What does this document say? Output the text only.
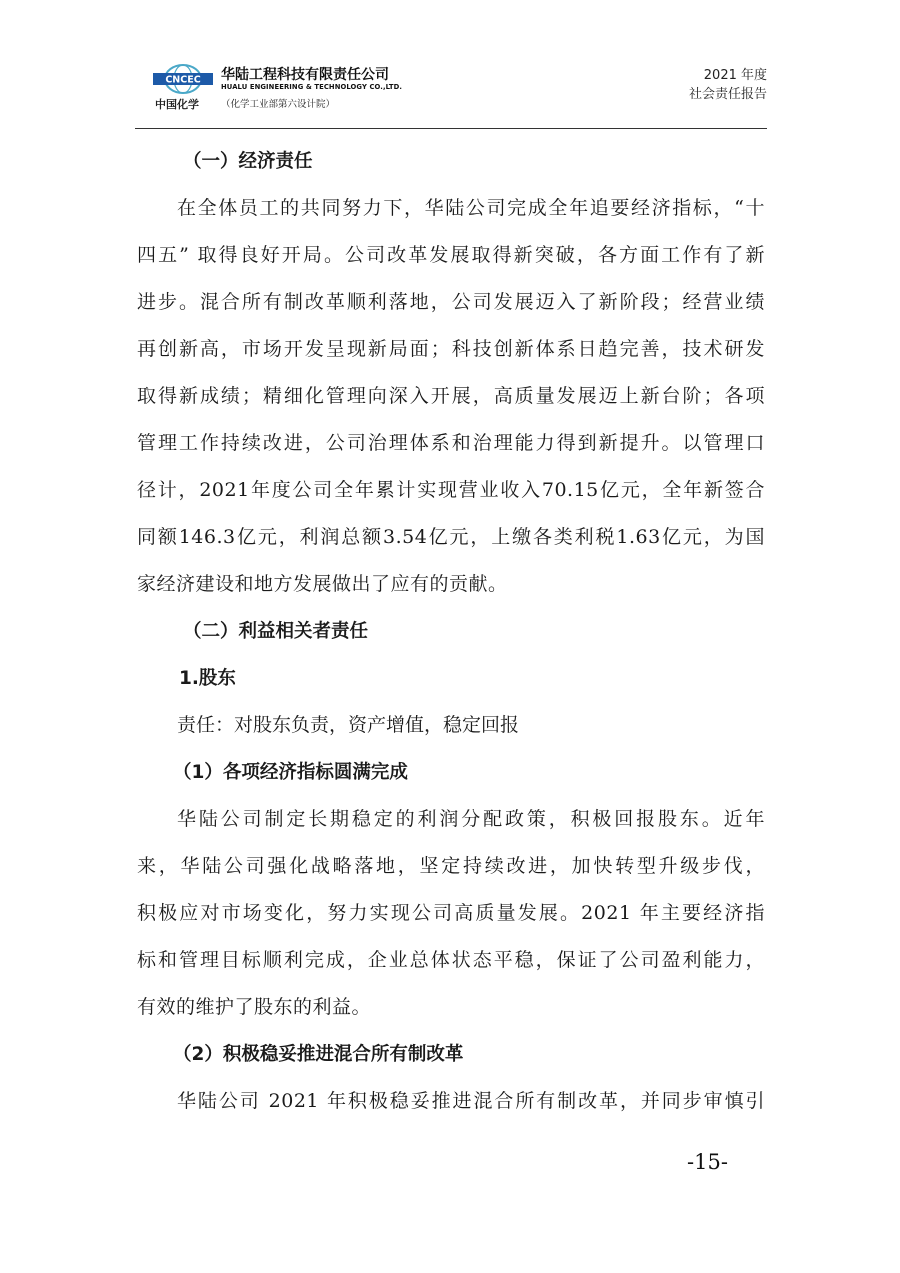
CNCEC
中国化学
华陆工程科技有限责任公司
HUALU ENGINEERING & TECHNOLOGY CO.,LTD.
（化学工业部第六设计院）
2021 年度
社会责任报告
（一）经济责任
在全体员工的共同努力下，华陆公司完成全年追要经济指标，“十
四五” 取得良好开局。公司改革发展取得新突破，各方面工作有了新
进步。混合所有制改革顺利落地，公司发展迈入了新阶段；经营业绩
再创新高，市场开发呈现新局面；科技创新体系日趋完善，技术研发
取得新成绩；精细化管理向深入开展，高质量发展迈上新台阶；各项
管理工作持续改进，公司治理体系和治理能力得到新提升。以管理口
径计，2021年度公司全年累计实现营业收入70.15亿元，全年新签合
同额146.3亿元，利润总额3.54亿元，上缴各类利税1.63亿元，为国
家经济建设和地方发展做出了应有的贡献。
（二）利益相关者责任
1.股东
责任：对股东负责，资产增值，稳定回报
（1）各项经济指标圆满完成
华陆公司制定长期稳定的利润分配政策，积极回报股东。近年
来，华陆公司强化战略落地，坚定持续改进，加快转型升级步伐，
积极应对市场变化，努力实现公司高质量发展。2021 年主要经济指
标和管理目标顺利完成，企业总体状态平稳，保证了公司盈利能力，
有效的维护了股东的利益。
（2）积极稳妥推进混合所有制改革
华陆公司 2021 年积极稳妥推进混合所有制改革，并同步审慎引
-15-
